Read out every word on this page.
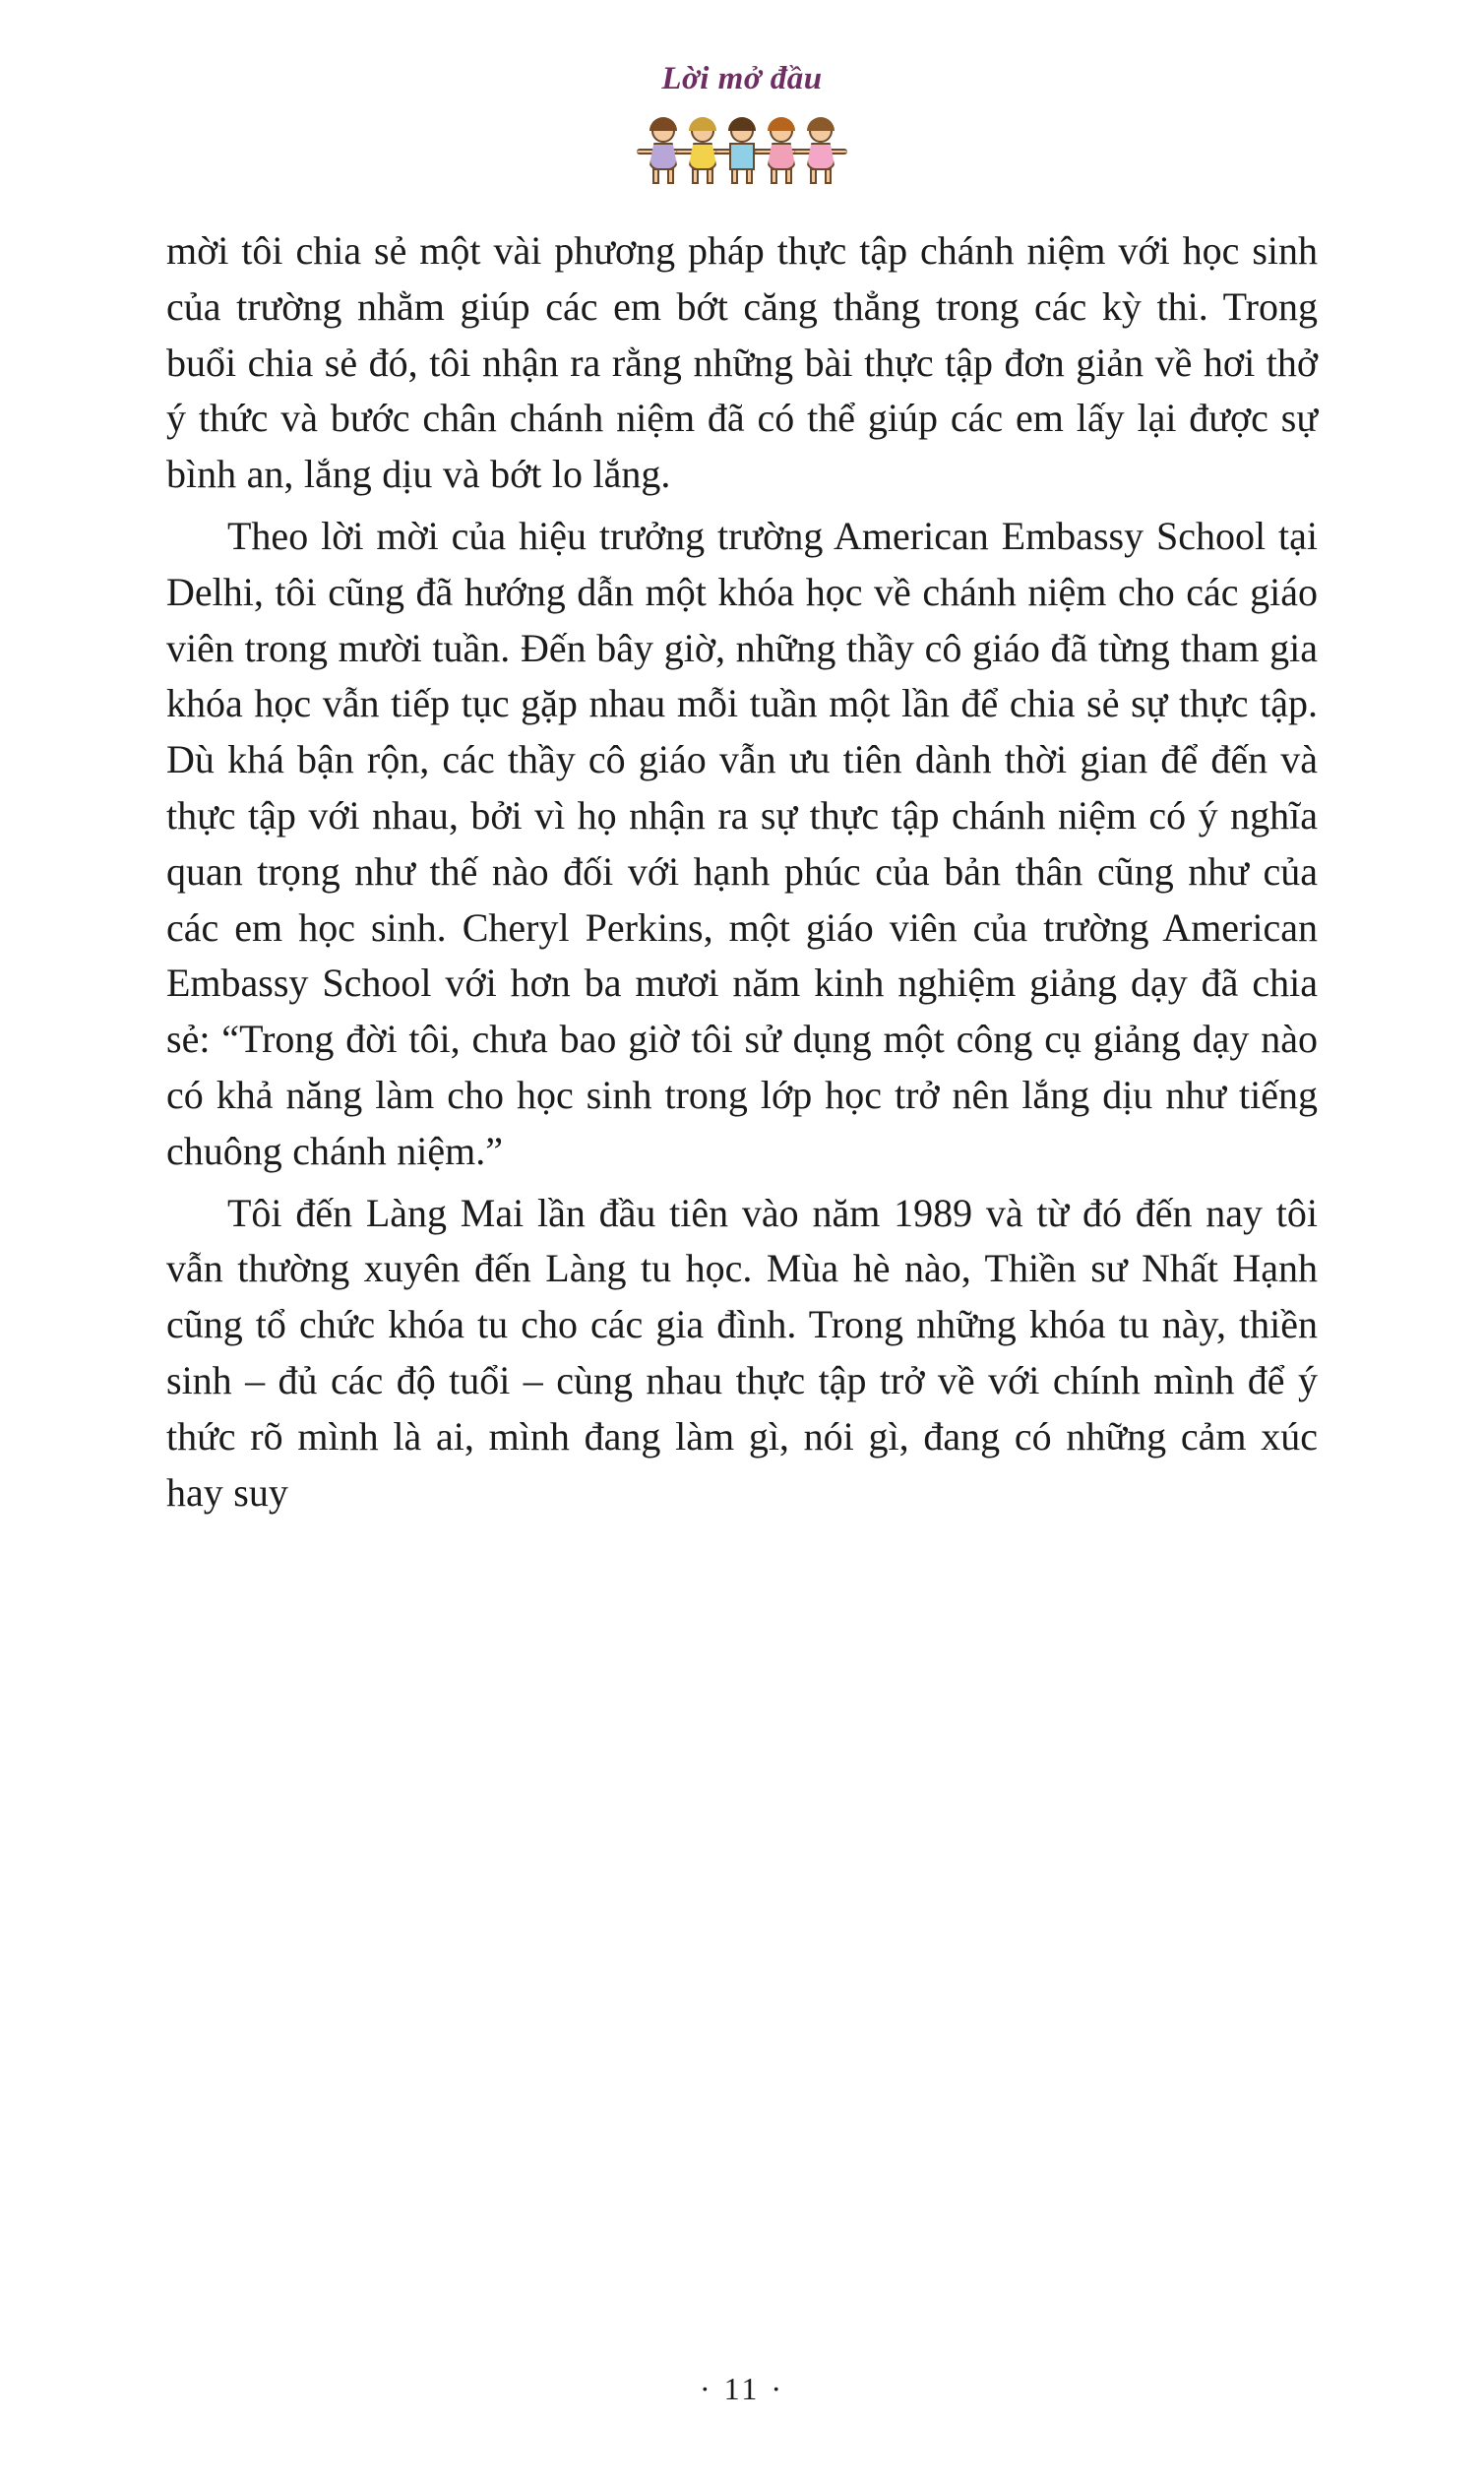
Lời mở đầu

mời tôi chia sẻ một vài phương pháp thực tập chánh niệm với học sinh của trường nhằm giúp các em bớt căng thẳng trong các kỳ thi. Trong buổi chia sẻ đó, tôi nhận ra rằng những bài thực tập đơn giản về hơi thở ý thức và bước chân chánh niệm đã có thể giúp các em lấy lại được sự bình an, lắng dịu và bớt lo lắng.

Theo lời mời của hiệu trưởng trường American Embassy School tại Delhi, tôi cũng đã hướng dẫn một khóa học về chánh niệm cho các giáo viên trong mười tuần. Đến bây giờ, những thầy cô giáo đã từng tham gia khóa học vẫn tiếp tục gặp nhau mỗi tuần một lần để chia sẻ sự thực tập. Dù khá bận rộn, các thầy cô giáo vẫn ưu tiên dành thời gian để đến và thực tập với nhau, bởi vì họ nhận ra sự thực tập chánh niệm có ý nghĩa quan trọng như thế nào đối với hạnh phúc của bản thân cũng như của các em học sinh. Cheryl Perkins, một giáo viên của trường American Embassy School với hơn ba mươi năm kinh nghiệm giảng dạy đã chia sẻ: “Trong đời tôi, chưa bao giờ tôi sử dụng một công cụ giảng dạy nào có khả năng làm cho học sinh trong lớp học trở nên lắng dịu như tiếng chuông chánh niệm.”

Tôi đến Làng Mai lần đầu tiên vào năm 1989 và từ đó đến nay tôi vẫn thường xuyên đến Làng tu học. Mùa hè nào, Thiền sư Nhất Hạnh cũng tổ chức khóa tu cho các gia đình. Trong những khóa tu này, thiền sinh – đủ các độ tuổi – cùng nhau thực tập trở về với chính mình để ý thức rõ mình là ai, mình đang làm gì, nói gì, đang có những cảm xúc hay suy

· 11 ·
